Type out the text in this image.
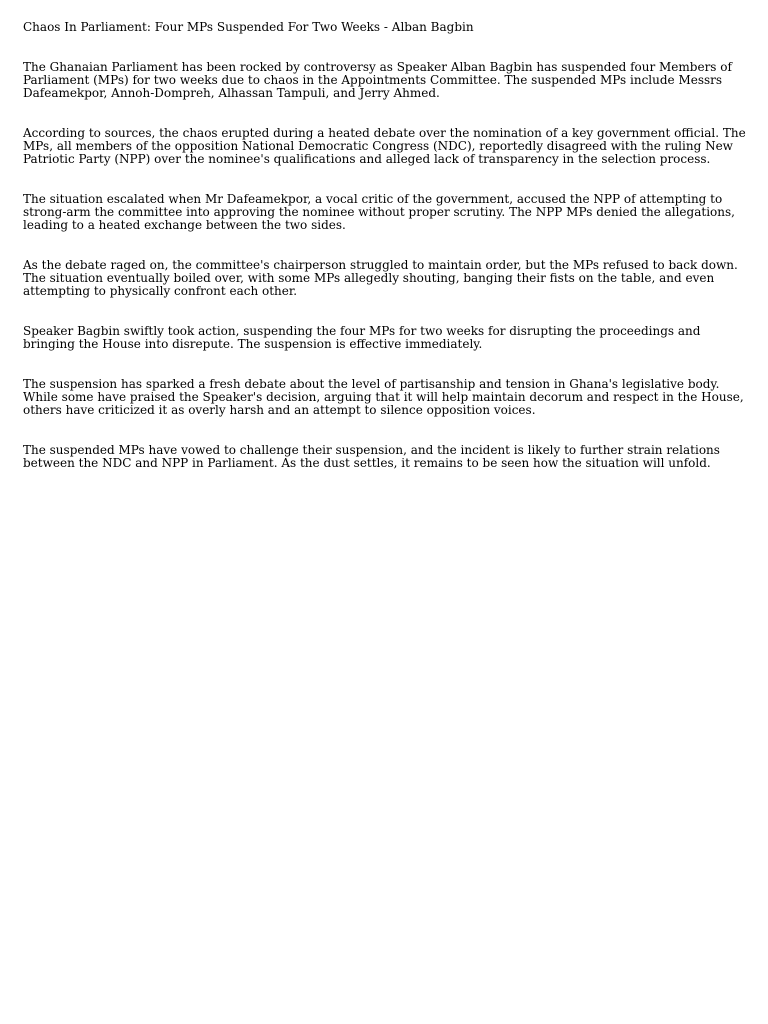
Chaos In Parliament: Four MPs Suspended For Two Weeks - Alban Bagbin

The Ghanaian Parliament has been rocked by controversy as Speaker Alban Bagbin has suspended four Members of Parliament (MPs) for two weeks due to chaos in the Appointments Committee. The suspended MPs include Messrs Dafeamekpor, Annoh-Dompreh, Alhassan Tampuli, and Jerry Ahmed.

According to sources, the chaos erupted during a heated debate over the nomination of a key government official. The MPs, all members of the opposition National Democratic Congress (NDC), reportedly disagreed with the ruling New Patriotic Party (NPP) over the nominee's qualifications and alleged lack of transparency in the selection process.

The situation escalated when Mr Dafeamekpor, a vocal critic of the government, accused the NPP of attempting to strong-arm the committee into approving the nominee without proper scrutiny. The NPP MPs denied the allegations, leading to a heated exchange between the two sides.

As the debate raged on, the committee's chairperson struggled to maintain order, but the MPs refused to back down. The situation eventually boiled over, with some MPs allegedly shouting, banging their fists on the table, and even attempting to physically confront each other.

Speaker Bagbin swiftly took action, suspending the four MPs for two weeks for disrupting the proceedings and bringing the House into disrepute. The suspension is effective immediately.

The suspension has sparked a fresh debate about the level of partisanship and tension in Ghana's legislative body. While some have praised the Speaker's decision, arguing that it will help maintain decorum and respect in the House, others have criticized it as overly harsh and an attempt to silence opposition voices.

The suspended MPs have vowed to challenge their suspension, and the incident is likely to further strain relations between the NDC and NPP in Parliament. As the dust settles, it remains to be seen how the situation will unfold.
